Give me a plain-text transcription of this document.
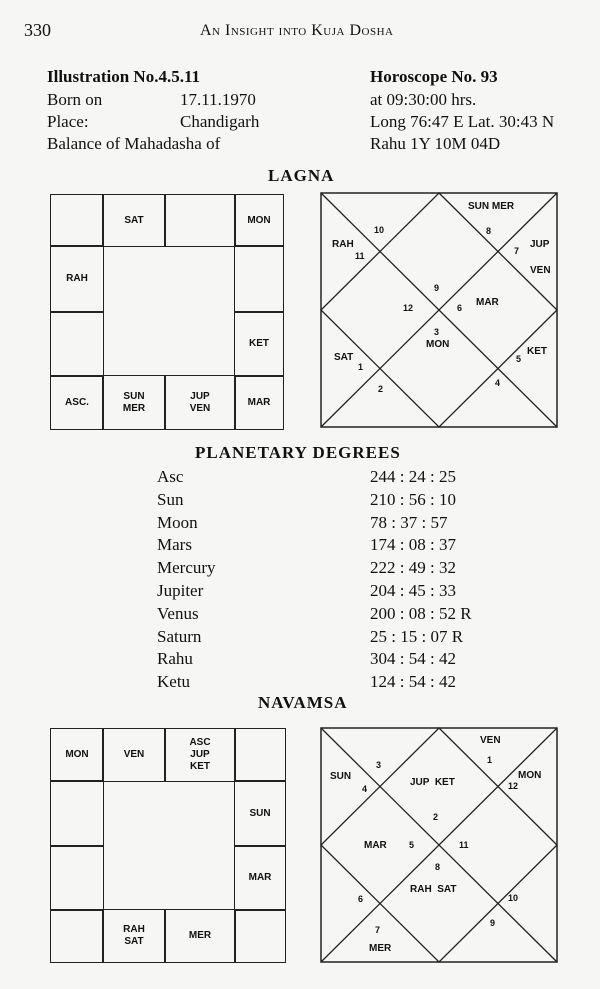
330	An Insight into Kuja Dosha
Illustration No.4.5.11
Born on	17.11.1970
Place:	Chandigarh
Balance of Mahadasha of
Horoscope No. 93
at 09:30:00 hrs.
Long 76:47 E Lat. 30:43 N
Rahu 1Y 10M 04D
LAGNA
SAT	MON
RAH
KET
ASC.
SUN
MER
JUP
VEN
MAR
SUN MER
10	8
RAH
11
JUP
7
VEN
9
12	6 MAR
3
MON
SAT
1
KET
5
2
4
PLANETARY DEGREES
Asc	244 : 24 : 25
Sun	210 : 56 : 10
Moon	78 : 37 : 57
Mars	174 : 08 : 37
Mercury	222 : 49 : 32
Jupiter	204 : 45 : 33
Venus	200 : 08 : 52 R
Saturn	25 : 15 : 07 R
Rahu	304 : 54 : 42
Ketu	124 : 54 : 42
NAVAMSA
MON	VEN
ASC
JUP
KET
SUN
MAR
RAH
SAT
MER
VEN
3	1
SUN
4
JUP  KET
MON
12
2
MAR 5	11
8
RAH  SAT
6	10
9
7
MER
